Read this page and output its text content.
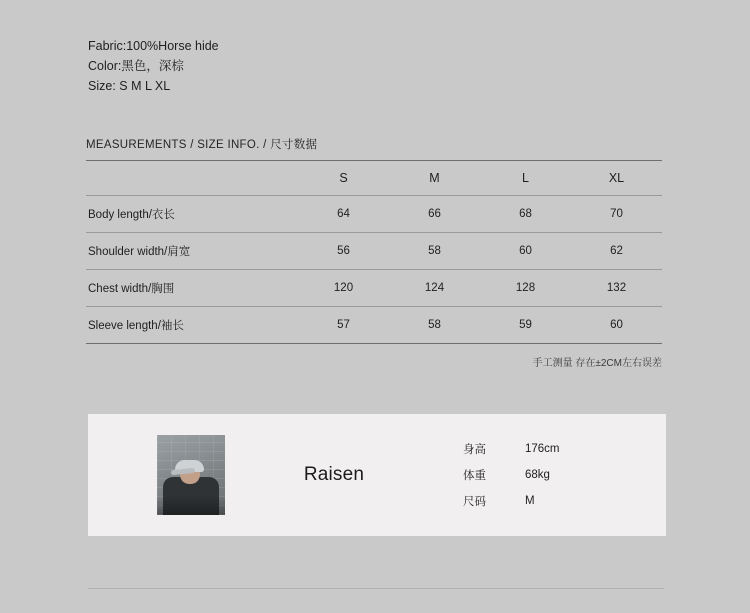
Fabric:100%Horse hide
Color:黑色，深棕
Size: S M L XL
MEASUREMENTS / SIZE INFO. / 尺寸数据
	S	M	L	XL
Body length/衣长	64	66	68	70
Shoulder width/肩宽	56	58	60	62
Chest width/胸围	120	124	128	132
Sleeve length/袖长	57	58	59	60
手工测量 存在±2CM左右误差
Raisen
身高	176cm
体重	68kg
尺码	M
